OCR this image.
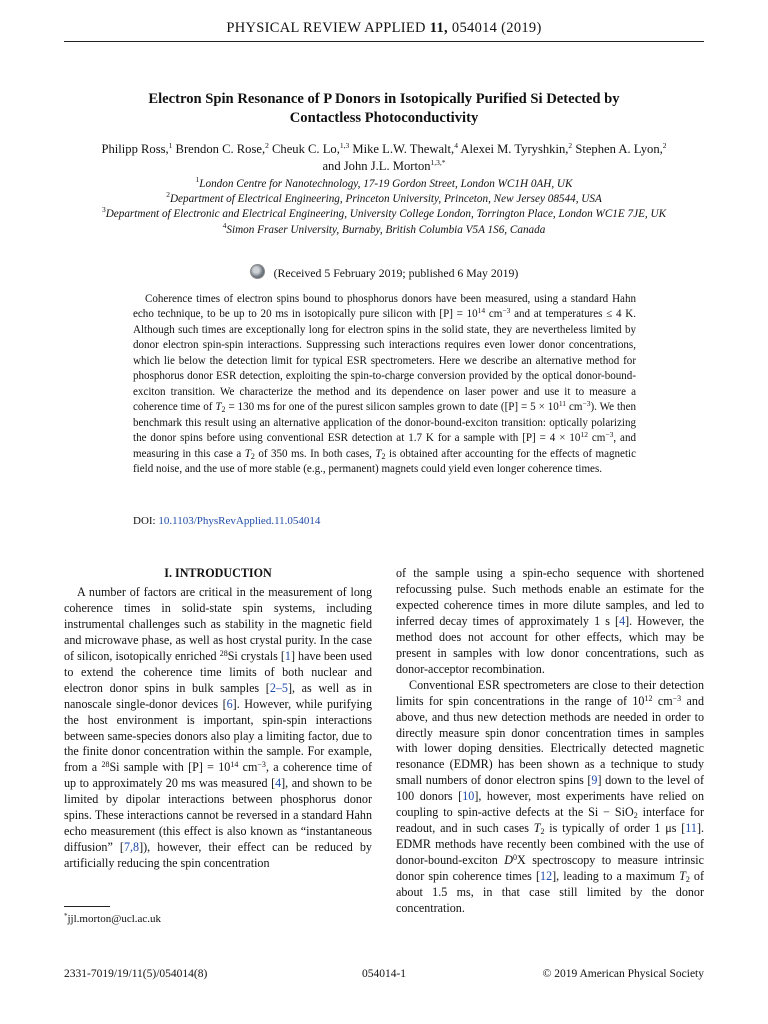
PHYSICAL REVIEW APPLIED 11, 054014 (2019)
Electron Spin Resonance of P Donors in Isotopically Purified Si Detected by
Contactless Photoconductivity
Philipp Ross,$^1$ Brendon C. Rose,$^2$ Cheuk C. Lo,$^{1,3}$ Mike L.W. Thewalt,$^4$ Alexei M. Tyryshkin,$^2$ Stephen A. Lyon,$^2$ and John J.L. Morton$^{1,3,*}$
$^1$London Centre for Nanotechnology, 17-19 Gordon Street, London WC1H 0AH, UK
$^2$Department of Electrical Engineering, Princeton University, Princeton, New Jersey 08544, USA
$^3$Department of Electronic and Electrical Engineering, University College London, Torrington Place, London WC1E 7JE, UK
$^4$Simon Fraser University, Burnaby, British Columbia V5A 1S6, Canada
(Received 5 February 2019; published 6 May 2019)
Coherence times of electron spins bound to phosphorus donors have been measured, using a standard Hahn echo technique, to be up to 20 ms in isotopically pure silicon with $[P] = 10^{14}$ $cm^{-3}$ and at temperatures ≤ 4 K. Although such times are exceptionally long for electron spins in the solid state, they are nevertheless limited by donor electron spin-spin interactions. Suppressing such interactions requires even lower donor concentrations, which lie below the detection limit for typical ESR spectrometers. Here we describe an alternative method for phosphorus donor ESR detection, exploiting the spin-to-charge conversion provided by the optical donor-bound-exciton transition. We characterize the method and its dependence on laser power and use it to measure a coherence time of $T_2 = 130$ ms for one of the purest silicon samples grown to date ($[P] = 5 \times 10^{11}$ $cm^{-3}$). We then benchmark this result using an alternative application of the donor-bound-exciton transition: optically polarizing the donor spins before using conventional ESR detection at 1.7 K for a sample with $[P] = 4 \times 10^{12}$ $cm^{-3}$, and measuring in this case a $T_2$ of 350 ms. In both cases, $T_2$ is obtained after accounting for the effects of magnetic field noise, and the use of more stable (e.g., permanent) magnets could yield even longer coherence times.
DOI: 10.1103/PhysRevApplied.11.054014
I. INTRODUCTION

A number of factors are critical in the measurement of long coherence times in solid-state spin systems, including instrumental challenges such as stability in the magnetic field and microwave phase, as well as host crystal purity. In the case of silicon, isotopically enriched $^{28}$Si crystals [1] have been used to extend the coherence time limits of both nuclear and electron donor spins in bulk samples [2–5], as well as in nanoscale single-donor devices [6]. However, while purifying the host environment is important, spin-spin interactions between same-species donors also play a limiting factor, due to the finite donor concentration within the sample. For example, from a $^{28}$Si sample with $[P] = 10^{14}$ $cm^{-3}$, a coherence time of up to approximately 20 ms was measured [4], and shown to be limited by dipolar interactions between phosphorus donor spins. These interactions cannot be reversed in a standard Hahn echo measurement (this effect is also known as “instantaneous diffusion” [7,8]), however, their effect can be reduced by artificially reducing the spin concentration

of the sample using a spin-echo sequence with shortened refocussing pulse. Such methods enable an estimate for the expected coherence times in more dilute samples, and led to inferred decay times of approximately 1 s [4]. However, the method does not account for other effects, which may be present in samples with low donor concentrations, such as donor-acceptor recombination.

Conventional ESR spectrometers are close to their detection limits for spin concentrations in the range of $10^{12}$ $cm^{-3}$ and above, and thus new detection methods are needed in order to directly measure spin donor concentration times in samples with lower doping densities. Electrically detected magnetic resonance (EDMR) has been shown as a technique to study small numbers of donor electron spins [9] down to the level of 100 donors [10], however, most experiments have relied on coupling to spin-active defects at the Si − SiO$_2$ interface for readout, and in such cases $T_2$ is typically of order 1 μs [11]. EDMR methods have recently been combined with the use of donor-bound-exciton $D^0X$ spectroscopy to measure intrinsic donor spin coherence times [12], leading to a maximum $T_2$ of about 1.5 ms, in that case still limited by the donor concentration.

*jjl.morton@ucl.ac.uk
2331-7019/19/11(5)/054014(8)	054014-1	© 2019 American Physical Society
